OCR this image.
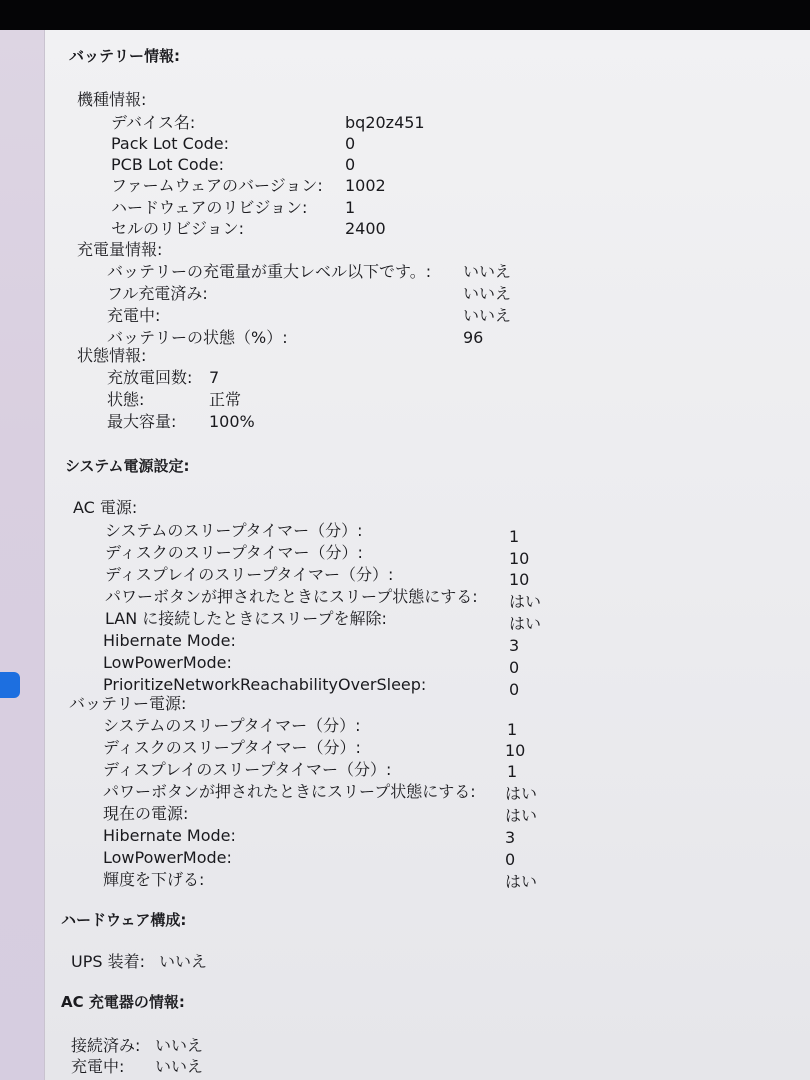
バッテリー情報:
機種情報:
デバイス名:	bq20z451
Pack Lot Code:	0
PCB Lot Code:	0
ファームウェアのバージョン: 1002
ハードウェアのリビジョン: 1
セルのリビジョン:	2400
充電量情報:
バッテリーの充電量が重大レベル以下です。: いいえ
フル充電済み:	いいえ
充電中:	いいえ
バッテリーの状態（%）:	96
状態情報:
充放電回数: 7
状態:	正常
最大容量: 100%
システム電源設定:
AC 電源:
システムのスリープタイマー（分）:	1
ディスクのスリープタイマー（分）:	10
ディスプレイのスリープタイマー（分）:	10
パワーボタンが押されたときにスリープ状態にする: はい
LAN に接続したときにスリープを解除:	はい
Hibernate Mode:	3
LowPowerMode:	0
PrioritizeNetworkReachabilityOverSleep:	0
バッテリー電源:
システムのスリープタイマー（分）:	1
ディスクのスリープタイマー（分）:	10
ディスプレイのスリープタイマー（分）:	1
パワーボタンが押されたときにスリープ状態にする: はい
現在の電源:	はい
Hibernate Mode:	3
LowPowerMode:	0
輝度を下げる:	はい
ハードウェア構成:
UPS 装着: いいえ
AC 充電器の情報:
接続済み: いいえ
充電中: いいえ
